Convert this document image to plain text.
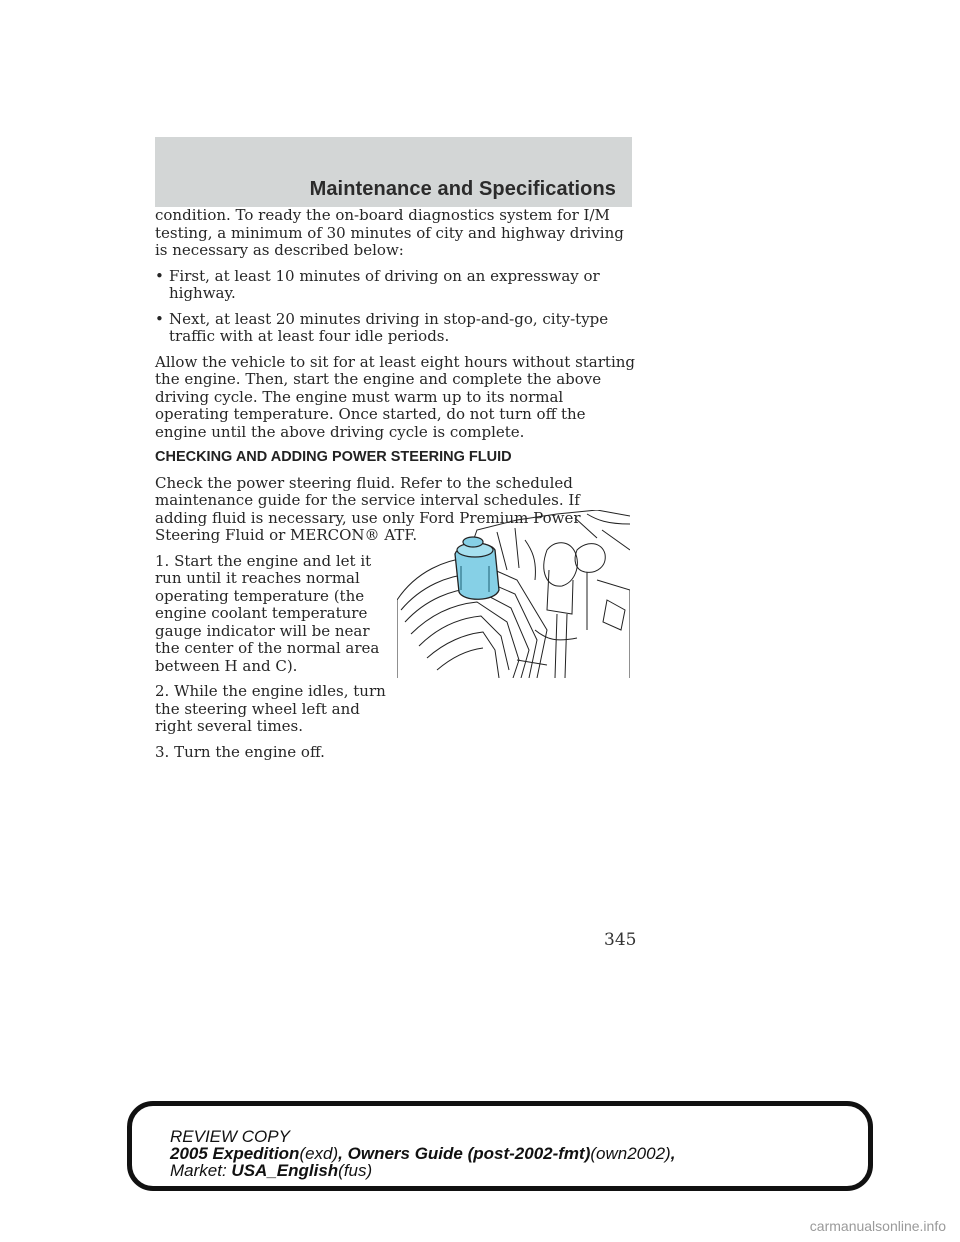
Maintenance and Specifications

condition. To ready the on-board diagnostics system for I/M testing, a minimum of 30 minutes of city and highway driving is necessary as described below:

• First, at least 10 minutes of driving on an expressway or highway.
• Next, at least 20 minutes driving in stop-and-go, city-type traffic with at least four idle periods.

Allow the vehicle to sit for at least eight hours without starting the engine. Then, start the engine and complete the above driving cycle. The engine must warm up to its normal operating temperature. Once started, do not turn off the engine until the above driving cycle is complete.

CHECKING AND ADDING POWER STEERING FLUID

Check the power steering fluid. Refer to the scheduled maintenance guide for the service interval schedules. If adding fluid is necessary, use only Ford Premium Power Steering Fluid or MERCON® ATF.

1. Start the engine and let it run until it reaches normal operating temperature (the engine coolant temperature gauge indicator will be near the center of the normal area between H and C).

2. While the engine idles, turn the steering wheel left and right several times.

3. Turn the engine off.

345
REVIEW COPY
2005 Expedition(exd), Owners Guide (post-2002-fmt)(own2002),
Market: USA_English(fus)
carmanualsonline.info
